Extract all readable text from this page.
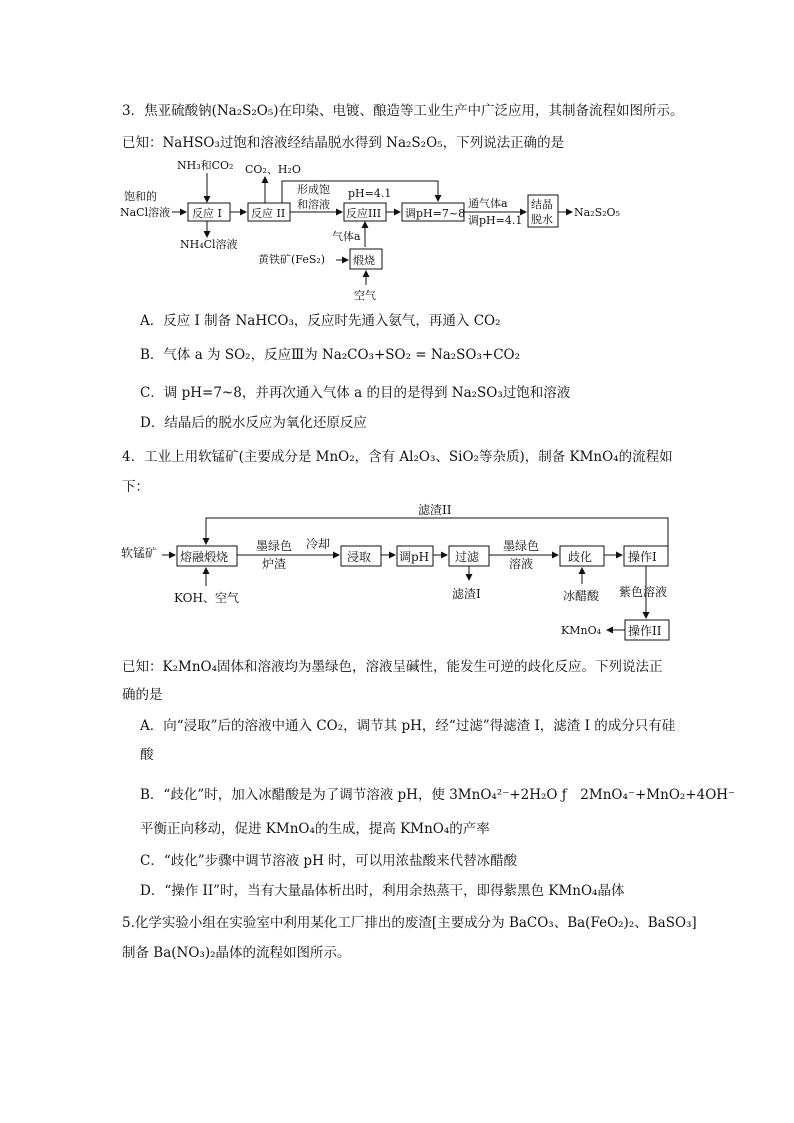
3．焦亚硫酸钠(Na₂S₂O₅)在印染、电镀、酿造等工业生产中广泛应用，其制备流程如图所示。
已知：NaHSO₃过饱和溶液经结晶脱水得到 Na₂S₂O₅，下列说法正确的是
饱和的
NaCl溶液
NH₃和CO₂
反应 I
NH₄Cl溶液
反应 II
CO₂、H₂O
形成饱
和溶液
反应III 调pH=7~8
pH=4.1
通气体a
调pH=4.1
结晶
脱水
Na₂S₂O₅
气体a
黄铁矿(FeS₂)	煅烧
空气
A．反应 I 制备 NaHCO₃，反应时先通入氨气，再通入 CO₂
B．气体 a 为 SO₂，反应Ⅲ为 Na₂CO₃+SO₂ = Na₂SO₃+CO₂
C．调 pH=7~8，并再次通入气体 a 的目的是得到 Na₂SO₃过饱和溶液
D．结晶后的脱水反应为氧化还原反应
4．工业上用软锰矿(主要成分是 MnO₂，含有 Al₂O₃、SiO₂等杂质)，制备 KMnO₄的流程如
下：
滤渣II
软锰矿 熔融煅烧
KOH、空气
墨绿色
炉渣
冷却
浸取 调pH 过滤
滤渣I
墨绿色
溶液	歧化
冰醋酸
操作I
紫色溶液
操作II
KMnO₄
已知：K₂MnO₄固体和溶液均为墨绿色，溶液呈碱性，能发生可逆的歧化反应。下列说法正
确的是
A．向“浸取”后的溶液中通入 CO₂，调节其 pH，经“过滤”得滤渣 I，滤渣 I 的成分只有硅
酸
B．“歧化”时，加入冰醋酸是为了调节溶液 pH，使 3MnO₄²⁻+2H₂O ƒ　2MnO₄⁻+MnO₂+4OH⁻
平衡正向移动，促进 KMnO₄的生成，提高 KMnO₄的产率
C．“歧化”步骤中调节溶液 pH 时，可以用浓盐酸来代替冰醋酸
D．“操作 II”时，当有大量晶体析出时，利用余热蒸干，即得紫黑色 KMnO₄晶体
5.化学实验小组在实验室中利用某化工厂排出的废渣[主要成分为 BaCO₃、Ba(FeO₂)₂、BaSO₃]
制备 Ba(NO₃)₂晶体的流程如图所示。
